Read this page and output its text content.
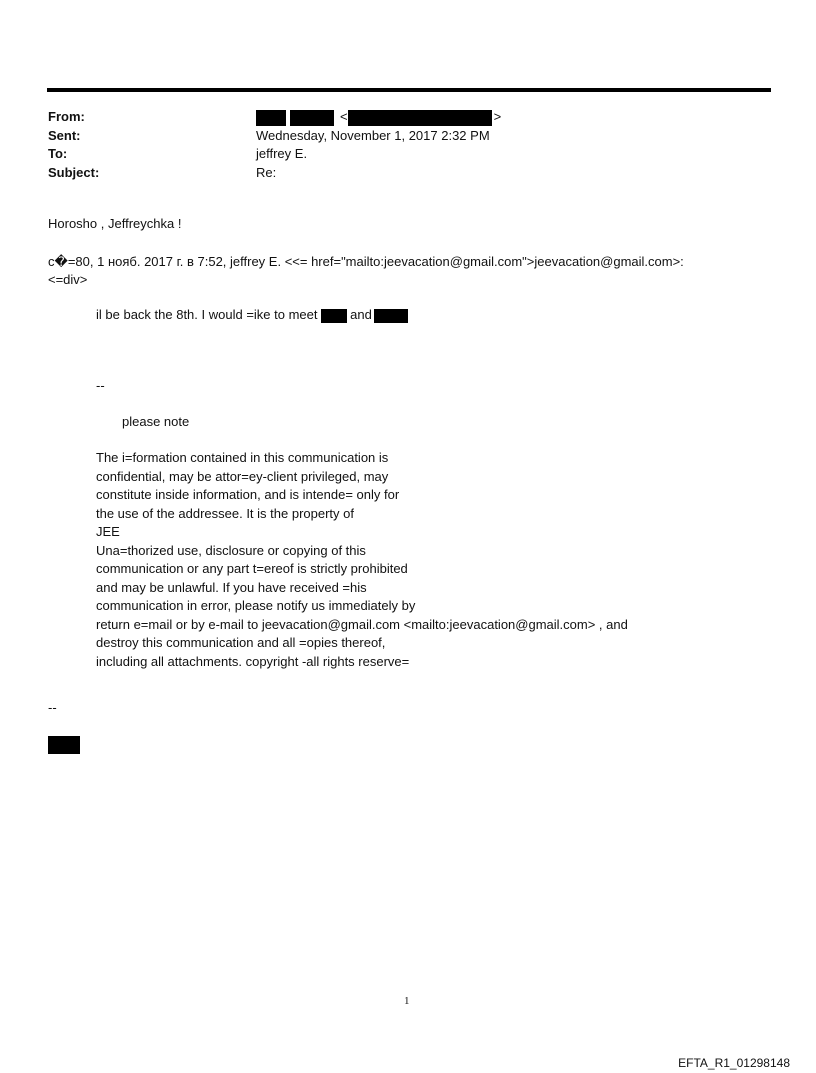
From:	<	>
Sent:	Wednesday, November 1, 2017 2:32 PM
To:	jeffrey E.
Subject:	Re:
Horosho , Jeffreychka !
с�=80, 1 нояб. 2017 г. в 7:52, jeffrey E. <<= href="mailto:jeevacation@gmail.com">jeevacation@gmail.com>:
<=div>
il be back the 8th. I would =ike to meet	and
--
please note
The i=formation contained in this communication is
confidential, may be attor=ey-client privileged, may
constitute inside information, and is intende= only for
the use of the addressee. It is the property of
JEE
Una=thorized use, disclosure or copying of this
communication or any part t=ereof is strictly prohibited
and may be unlawful. If you have received =his
communication in error, please notify us immediately by
return e=mail or by e-mail to jeevacation@gmail.com <mailto:jeevacation@gmail.com> , and
destroy this communication and all =opies thereof,
including all attachments. copyright -all rights reserve=
--
1
EFTA_R1_01298148
